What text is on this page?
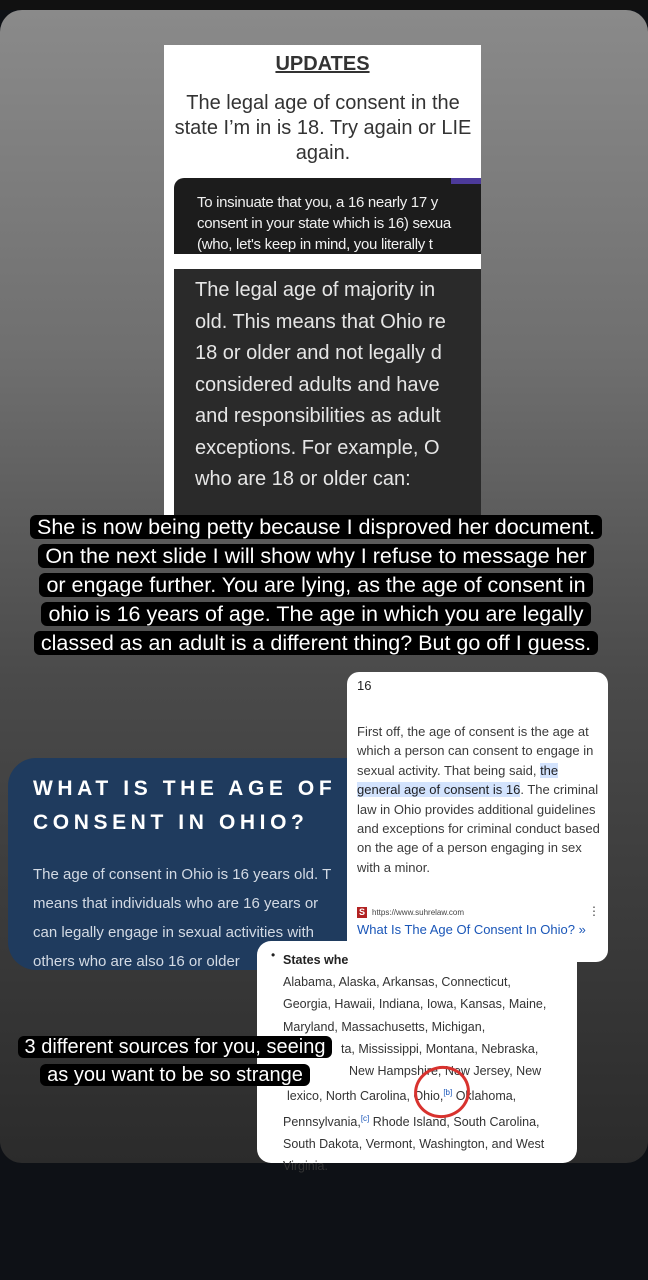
UPDATES
The legal age of consent in the state I’m in is 18. Try again or LIE again.
To insinuate that you, a 16 nearly 17 y
consent in your state which is 16) sexua
(who, let's keep in mind, you literally t
The legal age of majority in
old. This means that Ohio re
18 or older and not legally d
considered adults and have
and responsibilities as adult
exceptions. For example, O
who are 18 or older can:
She is now being petty because I disproved her document. On the next slide I will show why I refuse to message her or engage further. You are lying, as the age of consent in ohio is 16 years of age. The age in which you are legally classed as an adult is a different thing? But go off I guess.
WHAT IS THE AGE OF
CONSENT IN OHIO?
The age of consent in Ohio is 16 years old. T
means that individuals who are 16 years or
can legally engage in sexual activities with
others who are also 16 or older
16
First off, the age of consent is the age at which a person can consent to engage in sexual activity. That being said, the general age of consent is 16. The criminal law in Ohio provides additional guidelines and exceptions for criminal conduct based on the age of a person engaging in sex with a minor.
S https://www.suhrelaw.com	⋮
What Is The Age Of Consent In Ohio? »
• States whe
Alabama, Alaska, Arkansas, Connecticut,
Georgia, Hawaii, Indiana, Iowa, Kansas, Maine,
Maryland, Massachusetts, Michigan,
ta, Mississippi, Montana, Nebraska,
New Hampshire, New Jersey, New
lexico, North Carolina, Ohio,[b] Oklahoma,
Pennsylvania,[c] Rhode Island, South Carolina,
South Dakota, Vermont, Washington, and West
Virginia.
3 different sources for you, seeing as you want to be so strange
